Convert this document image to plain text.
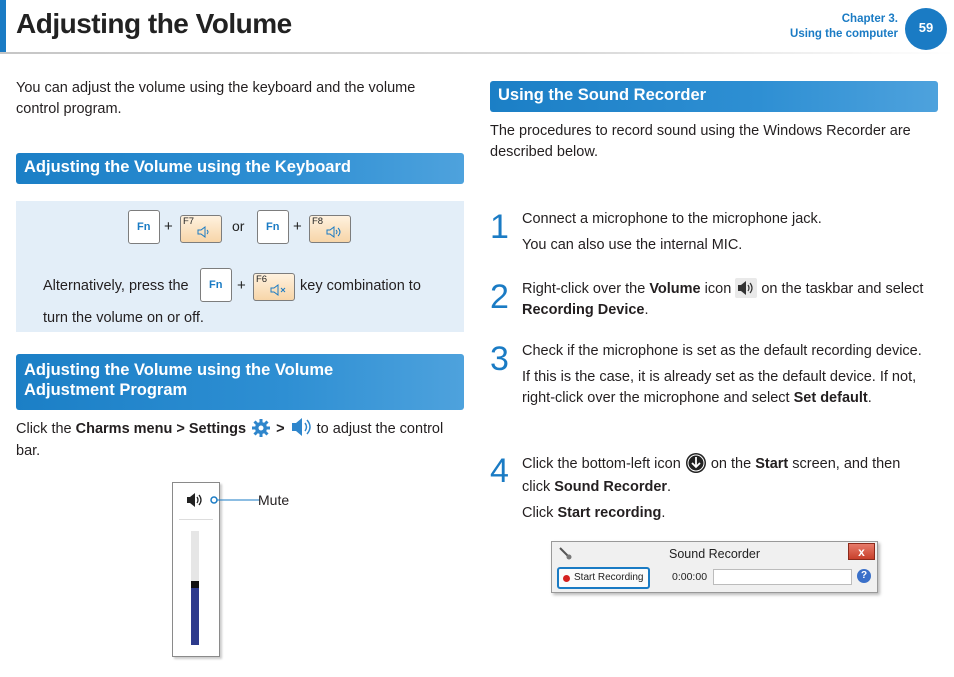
Adjusting the Volume	Chapter 3.
Using the computer	59
You can adjust the volume using the keyboard and the volume control program.
Adjusting the Volume using the Keyboard
Fn + F7	or Fn + F8
Alternatively, press the Fn + F6 key combination to
turn the volume on or off.
Adjusting the Volume using the Volume
Adjustment Program
Click the Charms menu > Settings > to adjust the control
bar.
Mute
Using the Sound Recorder
The procedures to record sound using the Windows Recorder are described below.
1 Connect a microphone to the microphone jack.
You can also use the internal MIC.
2 Right-click over the Volume icon on the taskbar and select
Recording Device.
3 Check if the microphone is set as the default recording device.
If this is the case, it is already set as the default device. If not, right-click over the microphone and select Set default.
4 Click the bottom-left icon on the Start screen, and then
click Sound Recorder.
Click Start recording.
Sound Recorder	x
Start Recording	0:00:00	?
